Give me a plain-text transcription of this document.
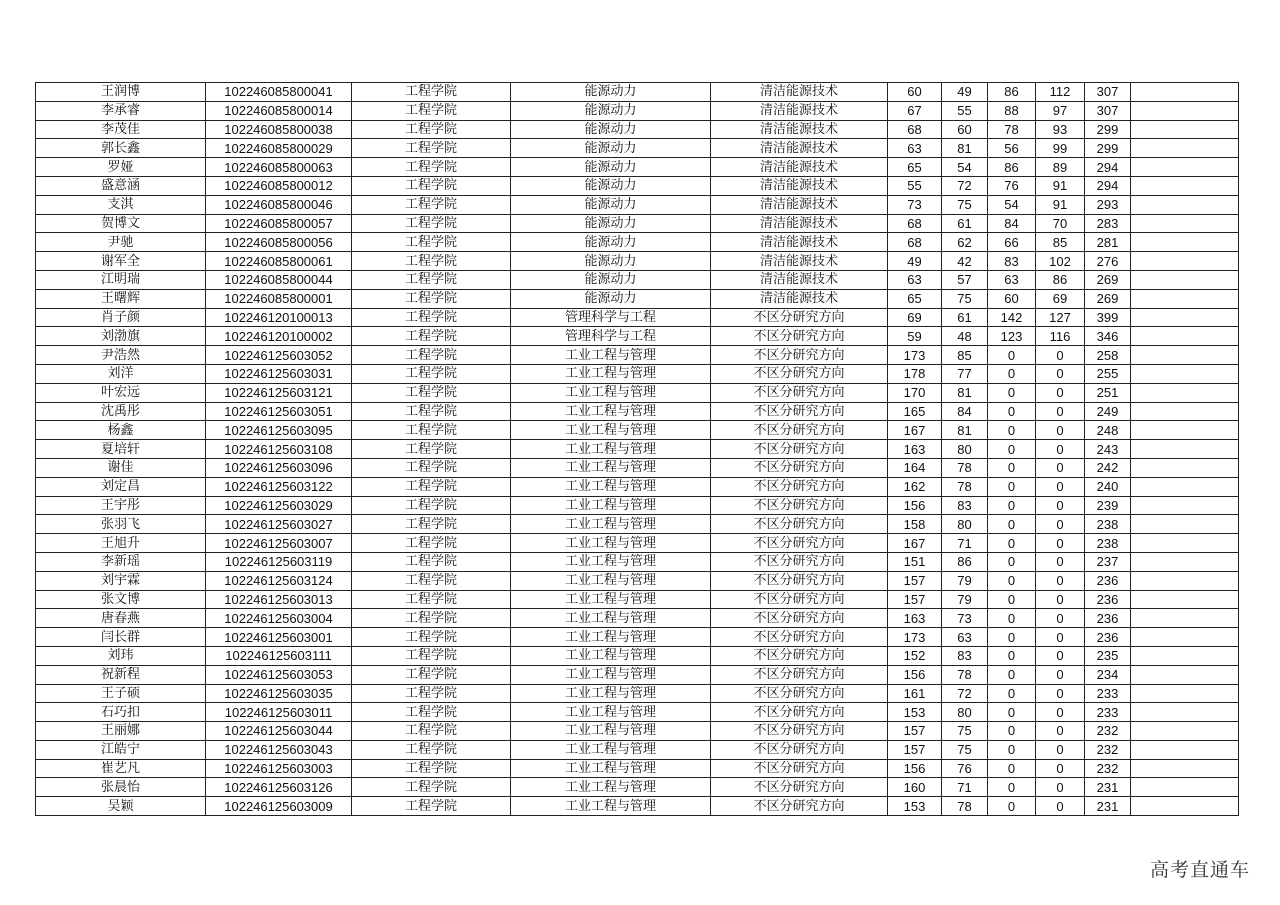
王润博	102246085800041	工程学院	能源动力	清洁能源技术	60	49	86	112	307	
李承睿	102246085800014	工程学院	能源动力	清洁能源技术	67	55	88	97	307	
李茂佳	102246085800038	工程学院	能源动力	清洁能源技术	68	60	78	93	299	
郭长鑫	102246085800029	工程学院	能源动力	清洁能源技术	63	81	56	99	299	
罗娅	102246085800063	工程学院	能源动力	清洁能源技术	65	54	86	89	294	
盛意涵	102246085800012	工程学院	能源动力	清洁能源技术	55	72	76	91	294	
支淇	102246085800046	工程学院	能源动力	清洁能源技术	73	75	54	91	293	
贺博文	102246085800057	工程学院	能源动力	清洁能源技术	68	61	84	70	283	
尹驰	102246085800056	工程学院	能源动力	清洁能源技术	68	62	66	85	281	
谢军全	102246085800061	工程学院	能源动力	清洁能源技术	49	42	83	102	276	
江明瑞	102246085800044	工程学院	能源动力	清洁能源技术	63	57	63	86	269	
王曙辉	102246085800001	工程学院	能源动力	清洁能源技术	65	75	60	69	269	
肖子颜	102246120100013	工程学院	管理科学与工程	不区分研究方向	69	61	142	127	399	
刘渤旗	102246120100002	工程学院	管理科学与工程	不区分研究方向	59	48	123	116	346	
尹浩然	102246125603052	工程学院	工业工程与管理	不区分研究方向	173	85	0	0	258	
刘洋	102246125603031	工程学院	工业工程与管理	不区分研究方向	178	77	0	0	255	
叶宏远	102246125603121	工程学院	工业工程与管理	不区分研究方向	170	81	0	0	251	
沈禹彤	102246125603051	工程学院	工业工程与管理	不区分研究方向	165	84	0	0	249	
杨鑫	102246125603095	工程学院	工业工程与管理	不区分研究方向	167	81	0	0	248	
夏培轩	102246125603108	工程学院	工业工程与管理	不区分研究方向	163	80	0	0	243	
谢佳	102246125603096	工程学院	工业工程与管理	不区分研究方向	164	78	0	0	242	
刘定昌	102246125603122	工程学院	工业工程与管理	不区分研究方向	162	78	0	0	240	
王宇彤	102246125603029	工程学院	工业工程与管理	不区分研究方向	156	83	0	0	239	
张羽飞	102246125603027	工程学院	工业工程与管理	不区分研究方向	158	80	0	0	238	
王旭升	102246125603007	工程学院	工业工程与管理	不区分研究方向	167	71	0	0	238	
李新瑶	102246125603119	工程学院	工业工程与管理	不区分研究方向	151	86	0	0	237	
刘宇霖	102246125603124	工程学院	工业工程与管理	不区分研究方向	157	79	0	0	236	
张文博	102246125603013	工程学院	工业工程与管理	不区分研究方向	157	79	0	0	236	
唐春燕	102246125603004	工程学院	工业工程与管理	不区分研究方向	163	73	0	0	236	
闫长群	102246125603001	工程学院	工业工程与管理	不区分研究方向	173	63	0	0	236	
刘玮	102246125603111	工程学院	工业工程与管理	不区分研究方向	152	83	0	0	235	
祝新程	102246125603053	工程学院	工业工程与管理	不区分研究方向	156	78	0	0	234	
王子硕	102246125603035	工程学院	工业工程与管理	不区分研究方向	161	72	0	0	233	
石巧扣	102246125603011	工程学院	工业工程与管理	不区分研究方向	153	80	0	0	233	
王丽娜	102246125603044	工程学院	工业工程与管理	不区分研究方向	157	75	0	0	232	
江皓宁	102246125603043	工程学院	工业工程与管理	不区分研究方向	157	75	0	0	232	
崔艺凡	102246125603003	工程学院	工业工程与管理	不区分研究方向	156	76	0	0	232	
张晨怡	102246125603126	工程学院	工业工程与管理	不区分研究方向	160	71	0	0	231	
吴颖	102246125603009	工程学院	工业工程与管理	不区分研究方向	153	78	0	0	231	
高考直通车
